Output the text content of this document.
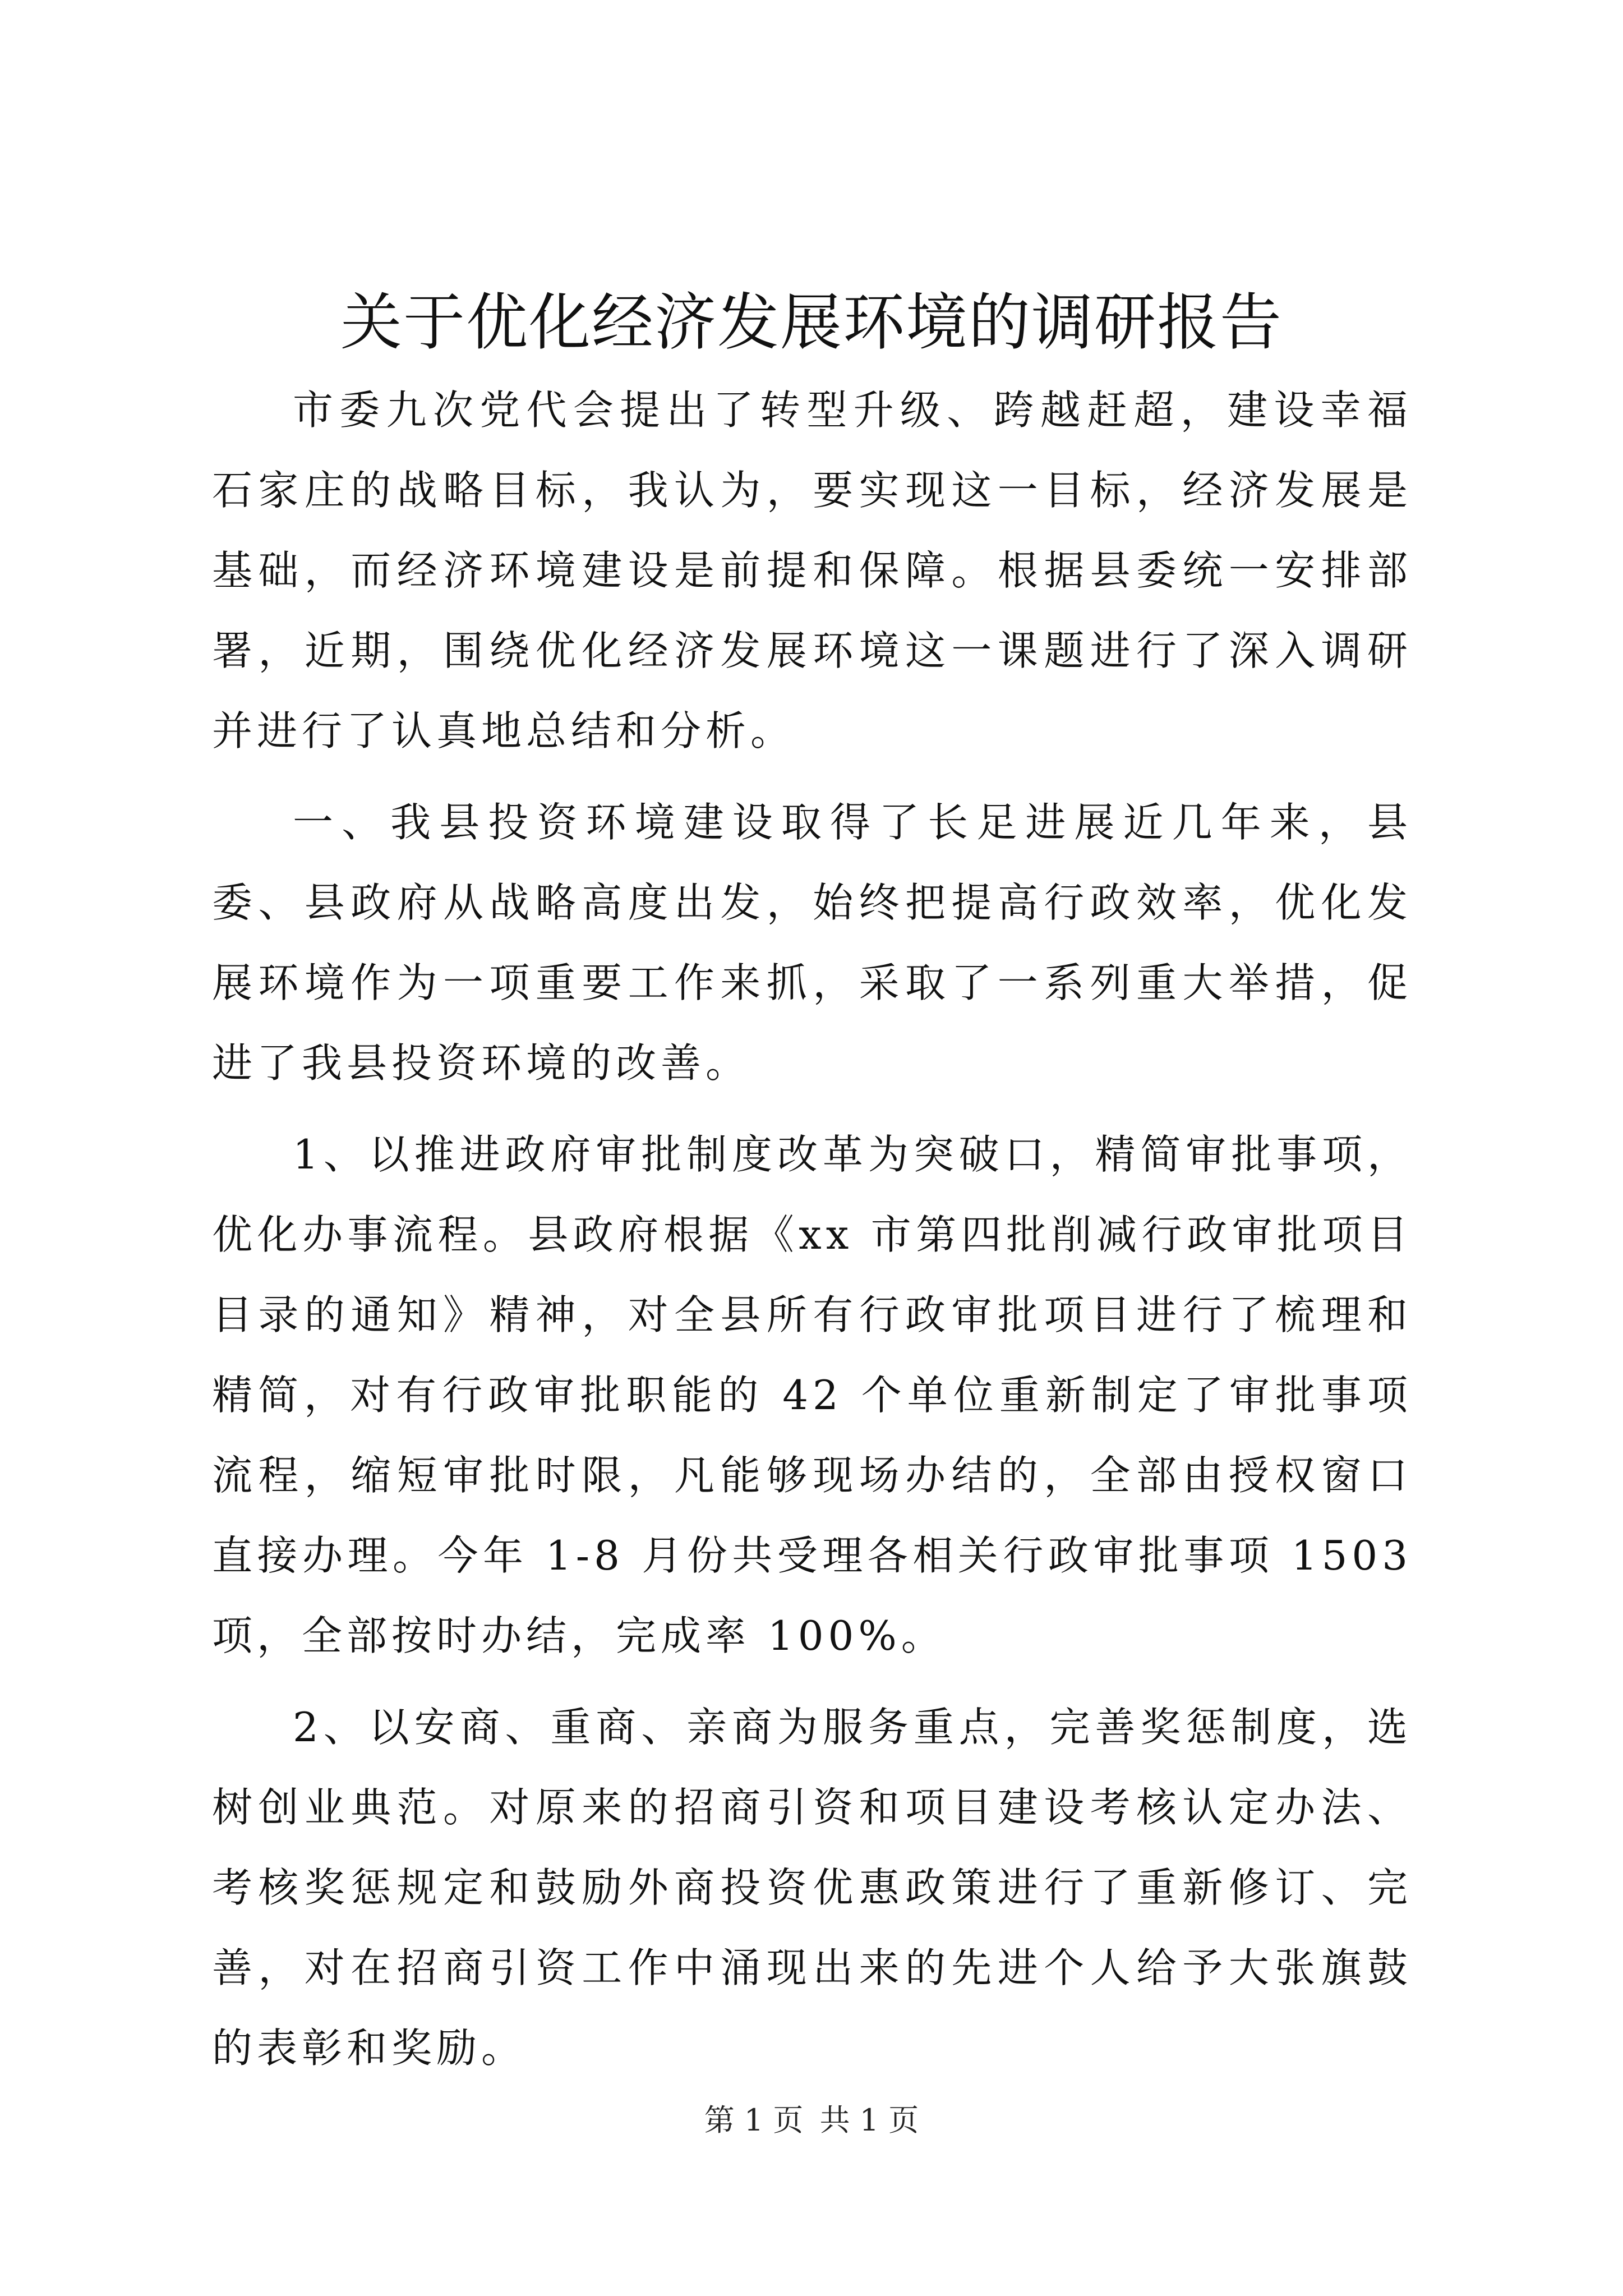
关于优化经济发展环境的调研报告

市委九次党代会提出了转型升级、跨越赶超，建设幸福石家庄的战略目标，我认为，要实现这一目标，经济发展是基础，而经济环境建设是前提和保障。根据县委统一安排部署，近期，围绕优化经济发展环境这一课题进行了深入调研并进行了认真地总结和分析。

一、我县投资环境建设取得了长足进展近几年来，县委、县政府从战略高度出发，始终把提高行政效率，优化发展环境作为一项重要工作来抓，采取了一系列重大举措，促进了我县投资环境的改善。

1、以推进政府审批制度改革为突破口，精简审批事项，优化办事流程。县政府根据《xx 市第四批削减行政审批项目目录的通知》精神，对全县所有行政审批项目进行了梳理和精简，对有行政审批职能的 42 个单位重新制定了审批事项流程，缩短审批时限，凡能够现场办结的，全部由授权窗口直接办理。今年 1-8 月份共受理各相关行政审批事项 1503 项，全部按时办结，完成率 100%。

2、以安商、重商、亲商为服务重点，完善奖惩制度，选树创业典范。对原来的招商引资和项目建设考核认定办法、考核奖惩规定和鼓励外商投资优惠政策进行了重新修订、完善，对在招商引资工作中涌现出来的先进个人给予大张旗鼓的表彰和奖励。

第 1 页 共 1 页
